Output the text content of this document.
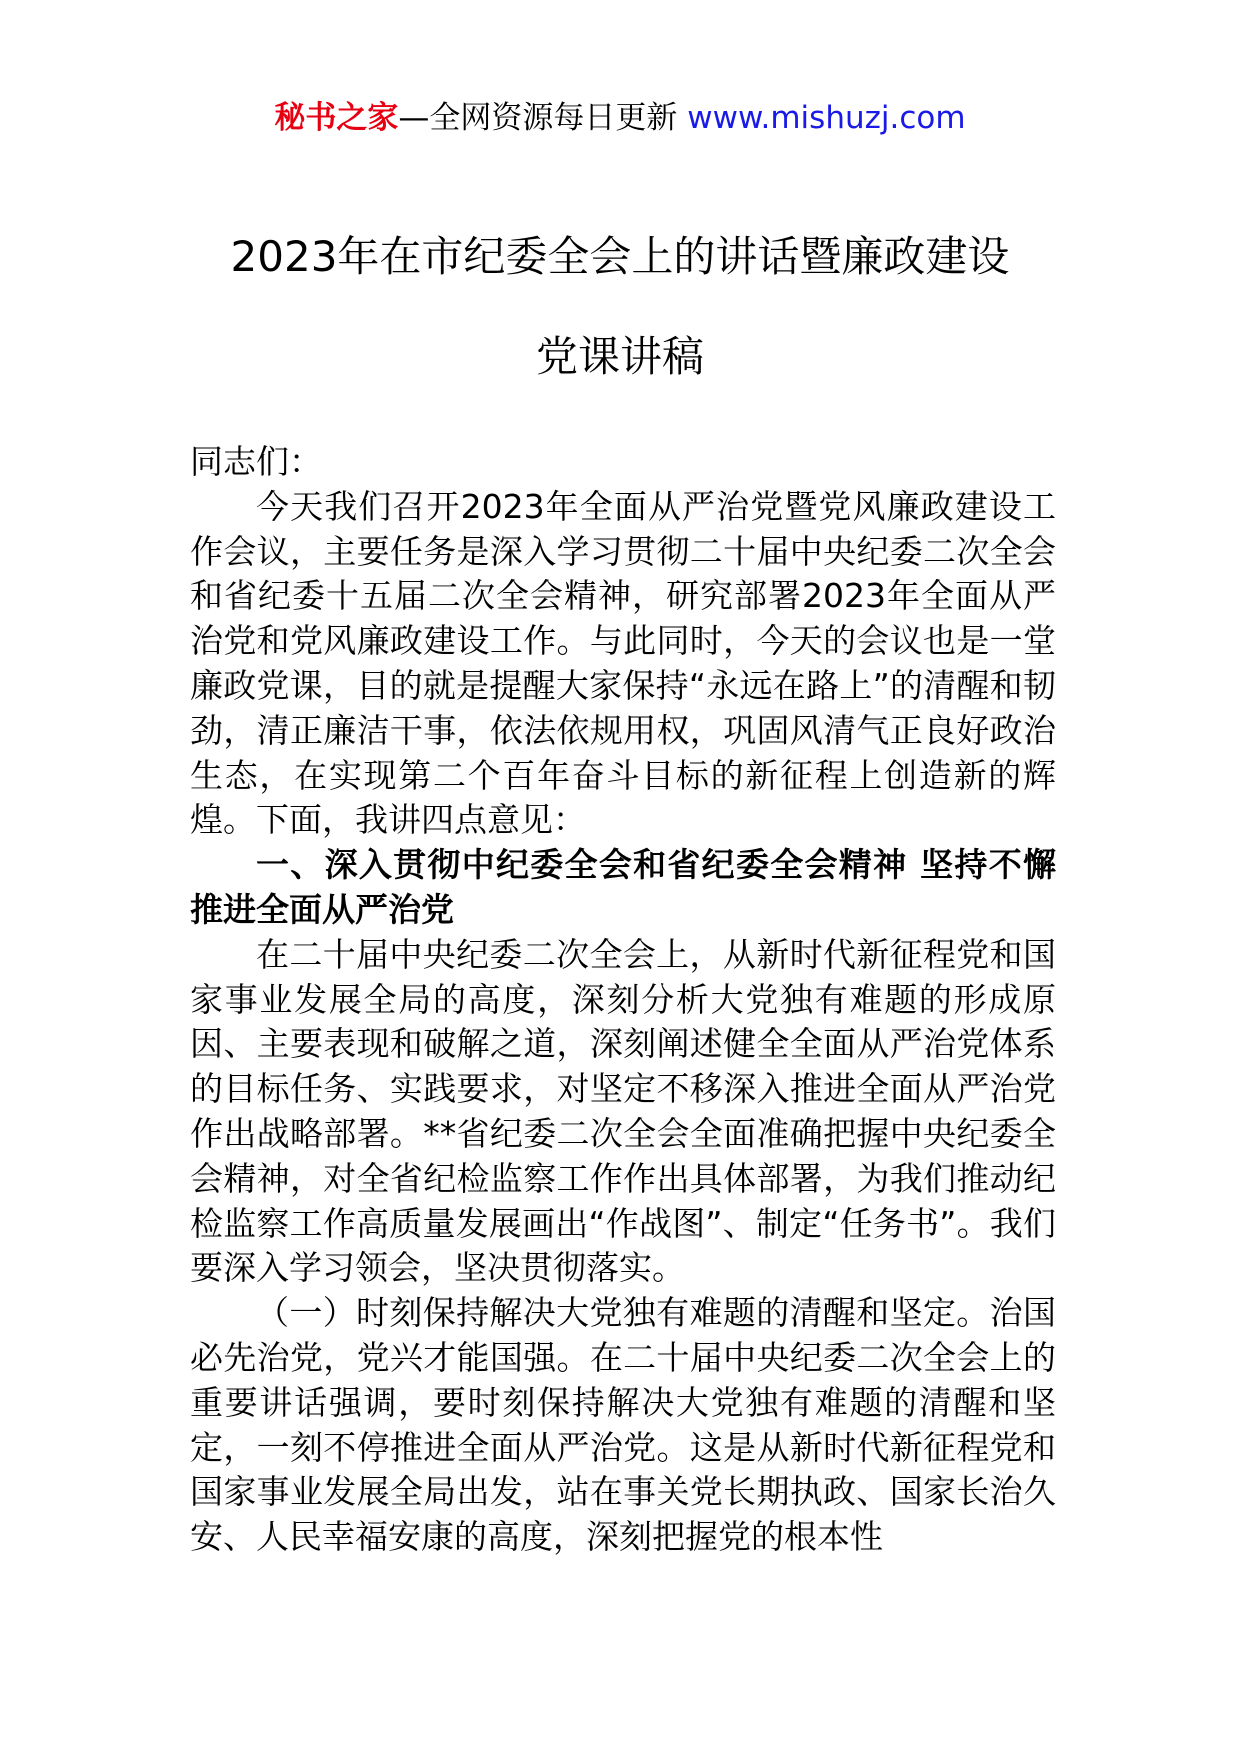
秘书之家—全网资源每日更新 www.mishuzj.com
2023年在市纪委全会上的讲话暨廉政建设
党课讲稿

同志们：

今天我们召开2023年全面从严治党暨党风廉政建设工作会议，主要任务是深入学习贯彻二十届中央纪委二次全会和省纪委十五届二次全会精神，研究部署2023年全面从严治党和党风廉政建设工作。与此同时，今天的会议也是一堂廉政党课，目的就是提醒大家保持“永远在路上”的清醒和韧劲，清正廉洁干事，依法依规用权，巩固风清气正良好政治生态，在实现第二个百年奋斗目标的新征程上创造新的辉煌。下面，我讲四点意见：

一、深入贯彻中纪委全会和省纪委全会精神 坚持不懈推进全面从严治党

在二十届中央纪委二次全会上，从新时代新征程党和国家事业发展全局的高度，深刻分析大党独有难题的形成原因、主要表现和破解之道，深刻阐述健全全面从严治党体系的目标任务、实践要求，对坚定不移深入推进全面从严治党作出战略部署。**省纪委二次全会全面准确把握中央纪委全会精神，对全省纪检监察工作作出具体部署，为我们推动纪检监察工作高质量发展画出“作战图”、制定“任务书”。我们要深入学习领会，坚决贯彻落实。

（一）时刻保持解决大党独有难题的清醒和坚定。治国必先治党，党兴才能国强。在二十届中央纪委二次全会上的重要讲话强调，要时刻保持解决大党独有难题的清醒和坚定，一刻不停推进全面从严治党。这是从新时代新征程党和国家事业发展全局出发，站在事关党长期执政、国家长治久安、人民幸福安康的高度，深刻把握党的根本性
